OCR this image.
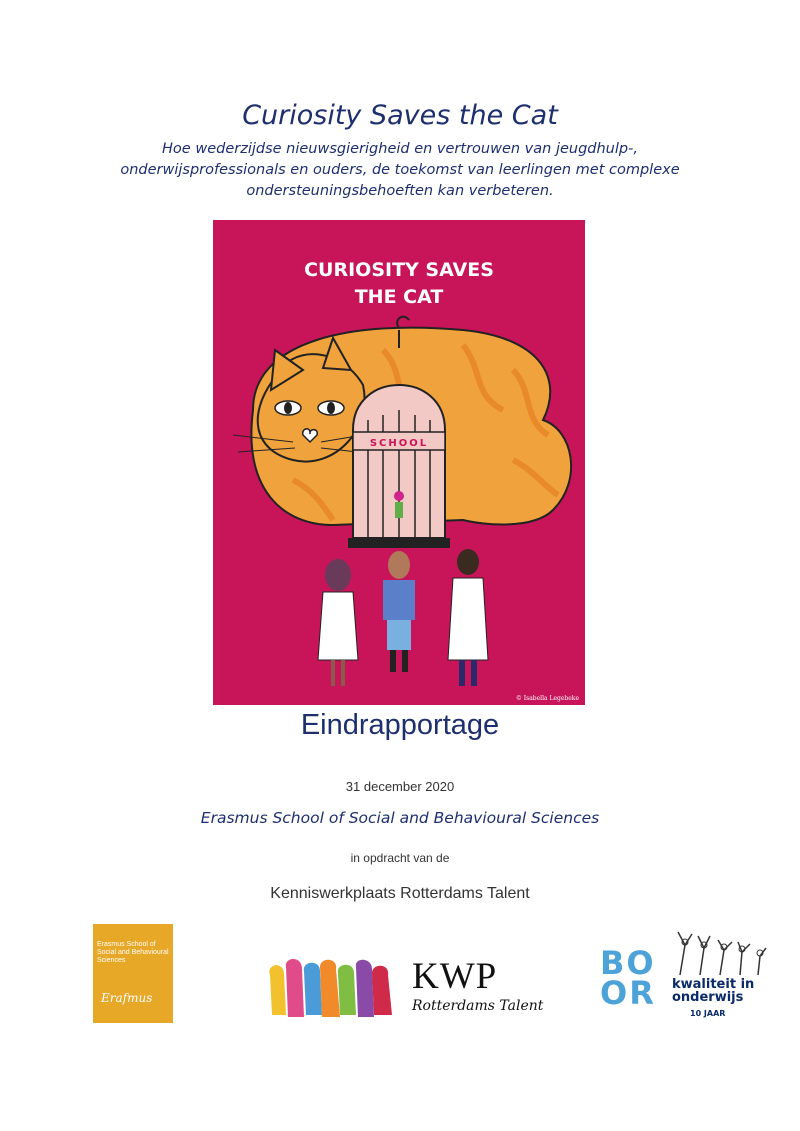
Curiosity Saves the Cat
Hoe wederzijdse nieuwsgierigheid en vertrouwen van jeugdhulp-,
onderwijsprofessionals en ouders, de toekomst van leerlingen met complexe
ondersteuningsbehoeften kan verbeteren.
CURIOSITY SAVES
THE CAT
SCHOOL
© Isabella Legebeke
Eindrapportage
31 december 2020
Erasmus School of Social and Behavioural Sciences
in opdracht van de
Kenniswerkplaats Rotterdams Talent
Erasmus School of Social and Behavioural Sciences
Erafmus
KWP
Rotterdams Talent
BO
OR kwaliteit in
onderwijs
10 JAAR
